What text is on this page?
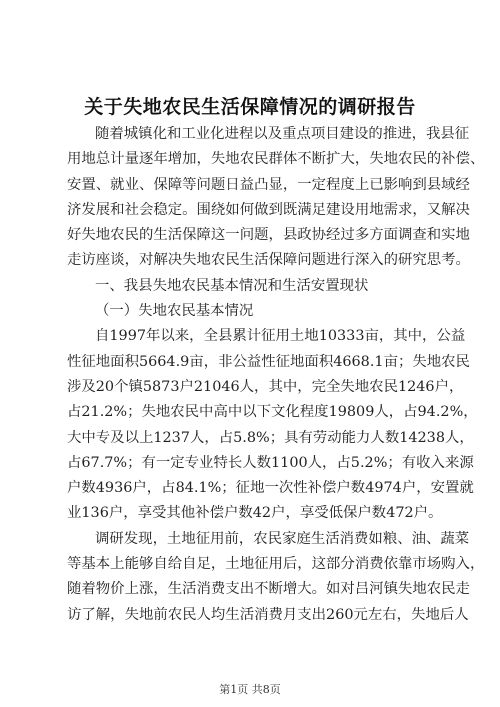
关于失地农民生活保障情况的调研报告
随着城镇化和工业化进程以及重点项目建设的推进，我县征
用地总计量逐年增加，失地农民群体不断扩大，失地农民的补偿、
安置、就业、保障等问题日益凸显，一定程度上已影响到县域经
济发展和社会稳定。围绕如何做到既满足建设用地需求，又解决
好失地农民的生活保障这一问题，县政协经过多方面调查和实地
走访座谈，对解决失地农民生活保障问题进行深入的研究思考。
一、我县失地农民基本情况和生活安置现状
（一）失地农民基本情况
自1997年以来，全县累计征用土地10333亩，其中，公益
性征地面积5664.9亩，非公益性征地面积4668.1亩；失地农民
涉及20个镇5873户21046人，其中，完全失地农民1246户，
占21.2%；失地农民中高中以下文化程度19809人，占94.2%，
大中专及以上1237人，占5.8%；具有劳动能力人数14238人，
占67.7%；有一定专业特长人数1100人，占5.2%；有收入来源
户数4936户，占84.1%；征地一次性补偿户数4974户，安置就
业136户，享受其他补偿户数42户，享受低保户数472户。
调研发现，土地征用前，农民家庭生活消费如粮、油、蔬菜
等基本上能够自给自足，土地征用后，这部分消费依靠市场购入，
随着物价上涨，生活消费支出不断增大。如对吕河镇失地农民走
访了解，失地前农民人均生活消费月支出260元左右，失地后人
第1页 共8页
